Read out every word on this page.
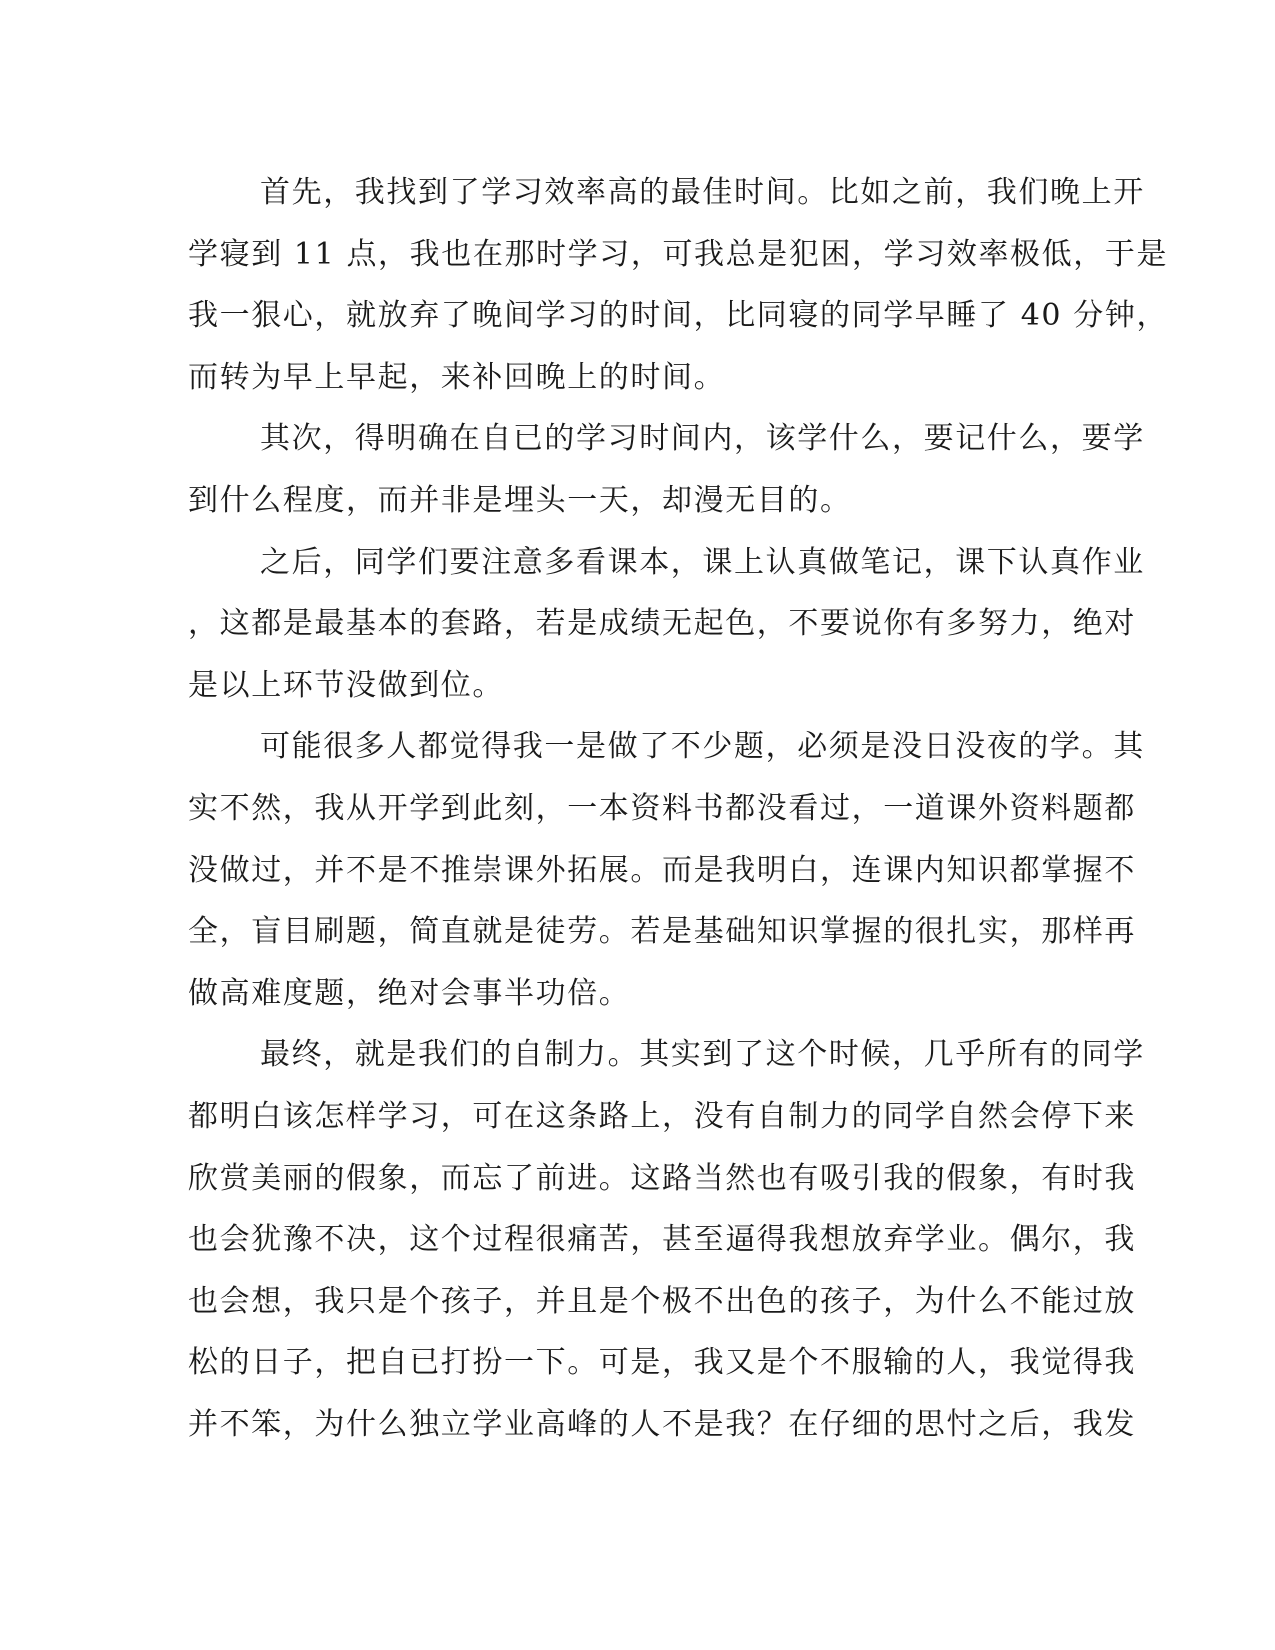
首先，我找到了学习效率高的最佳时间。比如之前，我们晚上开
学寝到 11 点，我也在那时学习，可我总是犯困，学习效率极低，于是
我一狠心，就放弃了晚间学习的时间，比同寝的同学早睡了 40 分钟，
而转为早上早起，来补回晚上的时间。
其次，得明确在自已的学习时间内，该学什么，要记什么，要学
到什么程度，而并非是埋头一天，却漫无目的。
之后，同学们要注意多看课本，课上认真做笔记，课下认真作业
，这都是最基本的套路，若是成绩无起色，不要说你有多努力，绝对
是以上环节没做到位。
可能很多人都觉得我一是做了不少题，必须是没日没夜的学。其
实不然，我从开学到此刻，一本资料书都没看过，一道课外资料题都
没做过，并不是不推崇课外拓展。而是我明白，连课内知识都掌握不
全，盲目刷题，简直就是徒劳。若是基础知识掌握的很扎实，那样再
做高难度题，绝对会事半功倍。
最终，就是我们的自制力。其实到了这个时候，几乎所有的同学
都明白该怎样学习，可在这条路上，没有自制力的同学自然会停下来
欣赏美丽的假象，而忘了前进。这路当然也有吸引我的假象，有时我
也会犹豫不决，这个过程很痛苦，甚至逼得我想放弃学业。偶尔，我
也会想，我只是个孩子，并且是个极不出色的孩子，为什么不能过放
松的日子，把自已打扮一下。可是，我又是个不服输的人，我觉得我
并不笨，为什么独立学业高峰的人不是我？在仔细的思忖之后，我发
